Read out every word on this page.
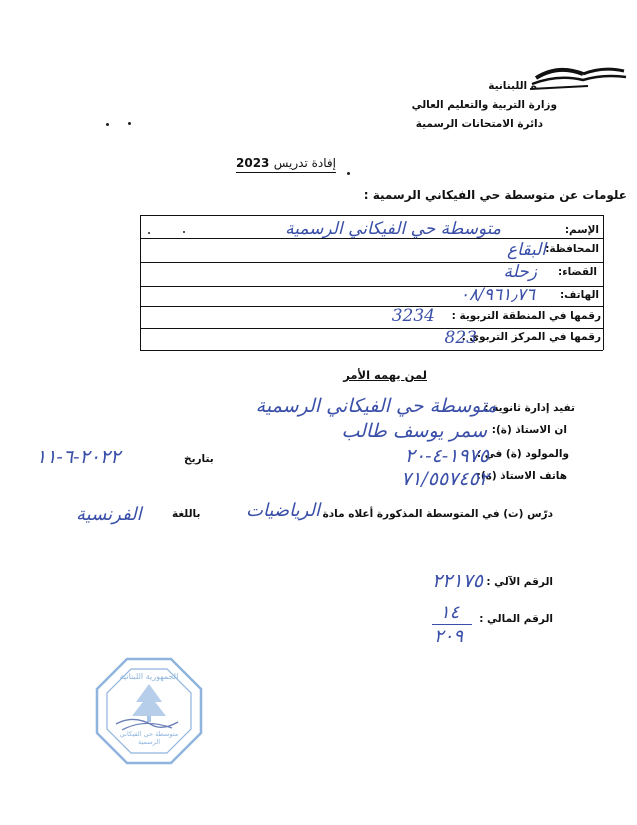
ة اللبنانية
وزارة التربية والتعليم العالي
دائرة الامتحانات الرسمية
2023 إفادة تدريس
علومات عن متوسطة حي الفيكاني الرسمية :
الإسم:
متوسطة حي الفيكاني الرسمية
المحافظة:
البقاع
القضاء:
زحلة
الهاتف:
٠٨/٩٦١٫٧٦
رقمها في المنطقة التربوية :
3234
رقمها في المركز التربوي :
823
لمن يهمه الأمر
تفيد إدارة ثانوية :
متوسطة حي الفيكاني الرسمية
ان الاستاذ (ة):
سمر يوسف طالب
والمولود (ة) في :
١٩٧٥-٤-٢٠
بتاريخ
٢٠٢٢-٦-١١
هاتف الاستاذ (ة):
٧١/٥٥٧٤٥٢
درّس (ت) في المتوسطة المذكورة أعلاه مادة
الرياضيات
باللغة
الفرنسية
الرقم الآلي :
٢٢١٧٥
الرقم المالي :
١٤
٢٠٩
الجمهورية اللبنانية
متوسطة حي الفيكاني الرسمية
